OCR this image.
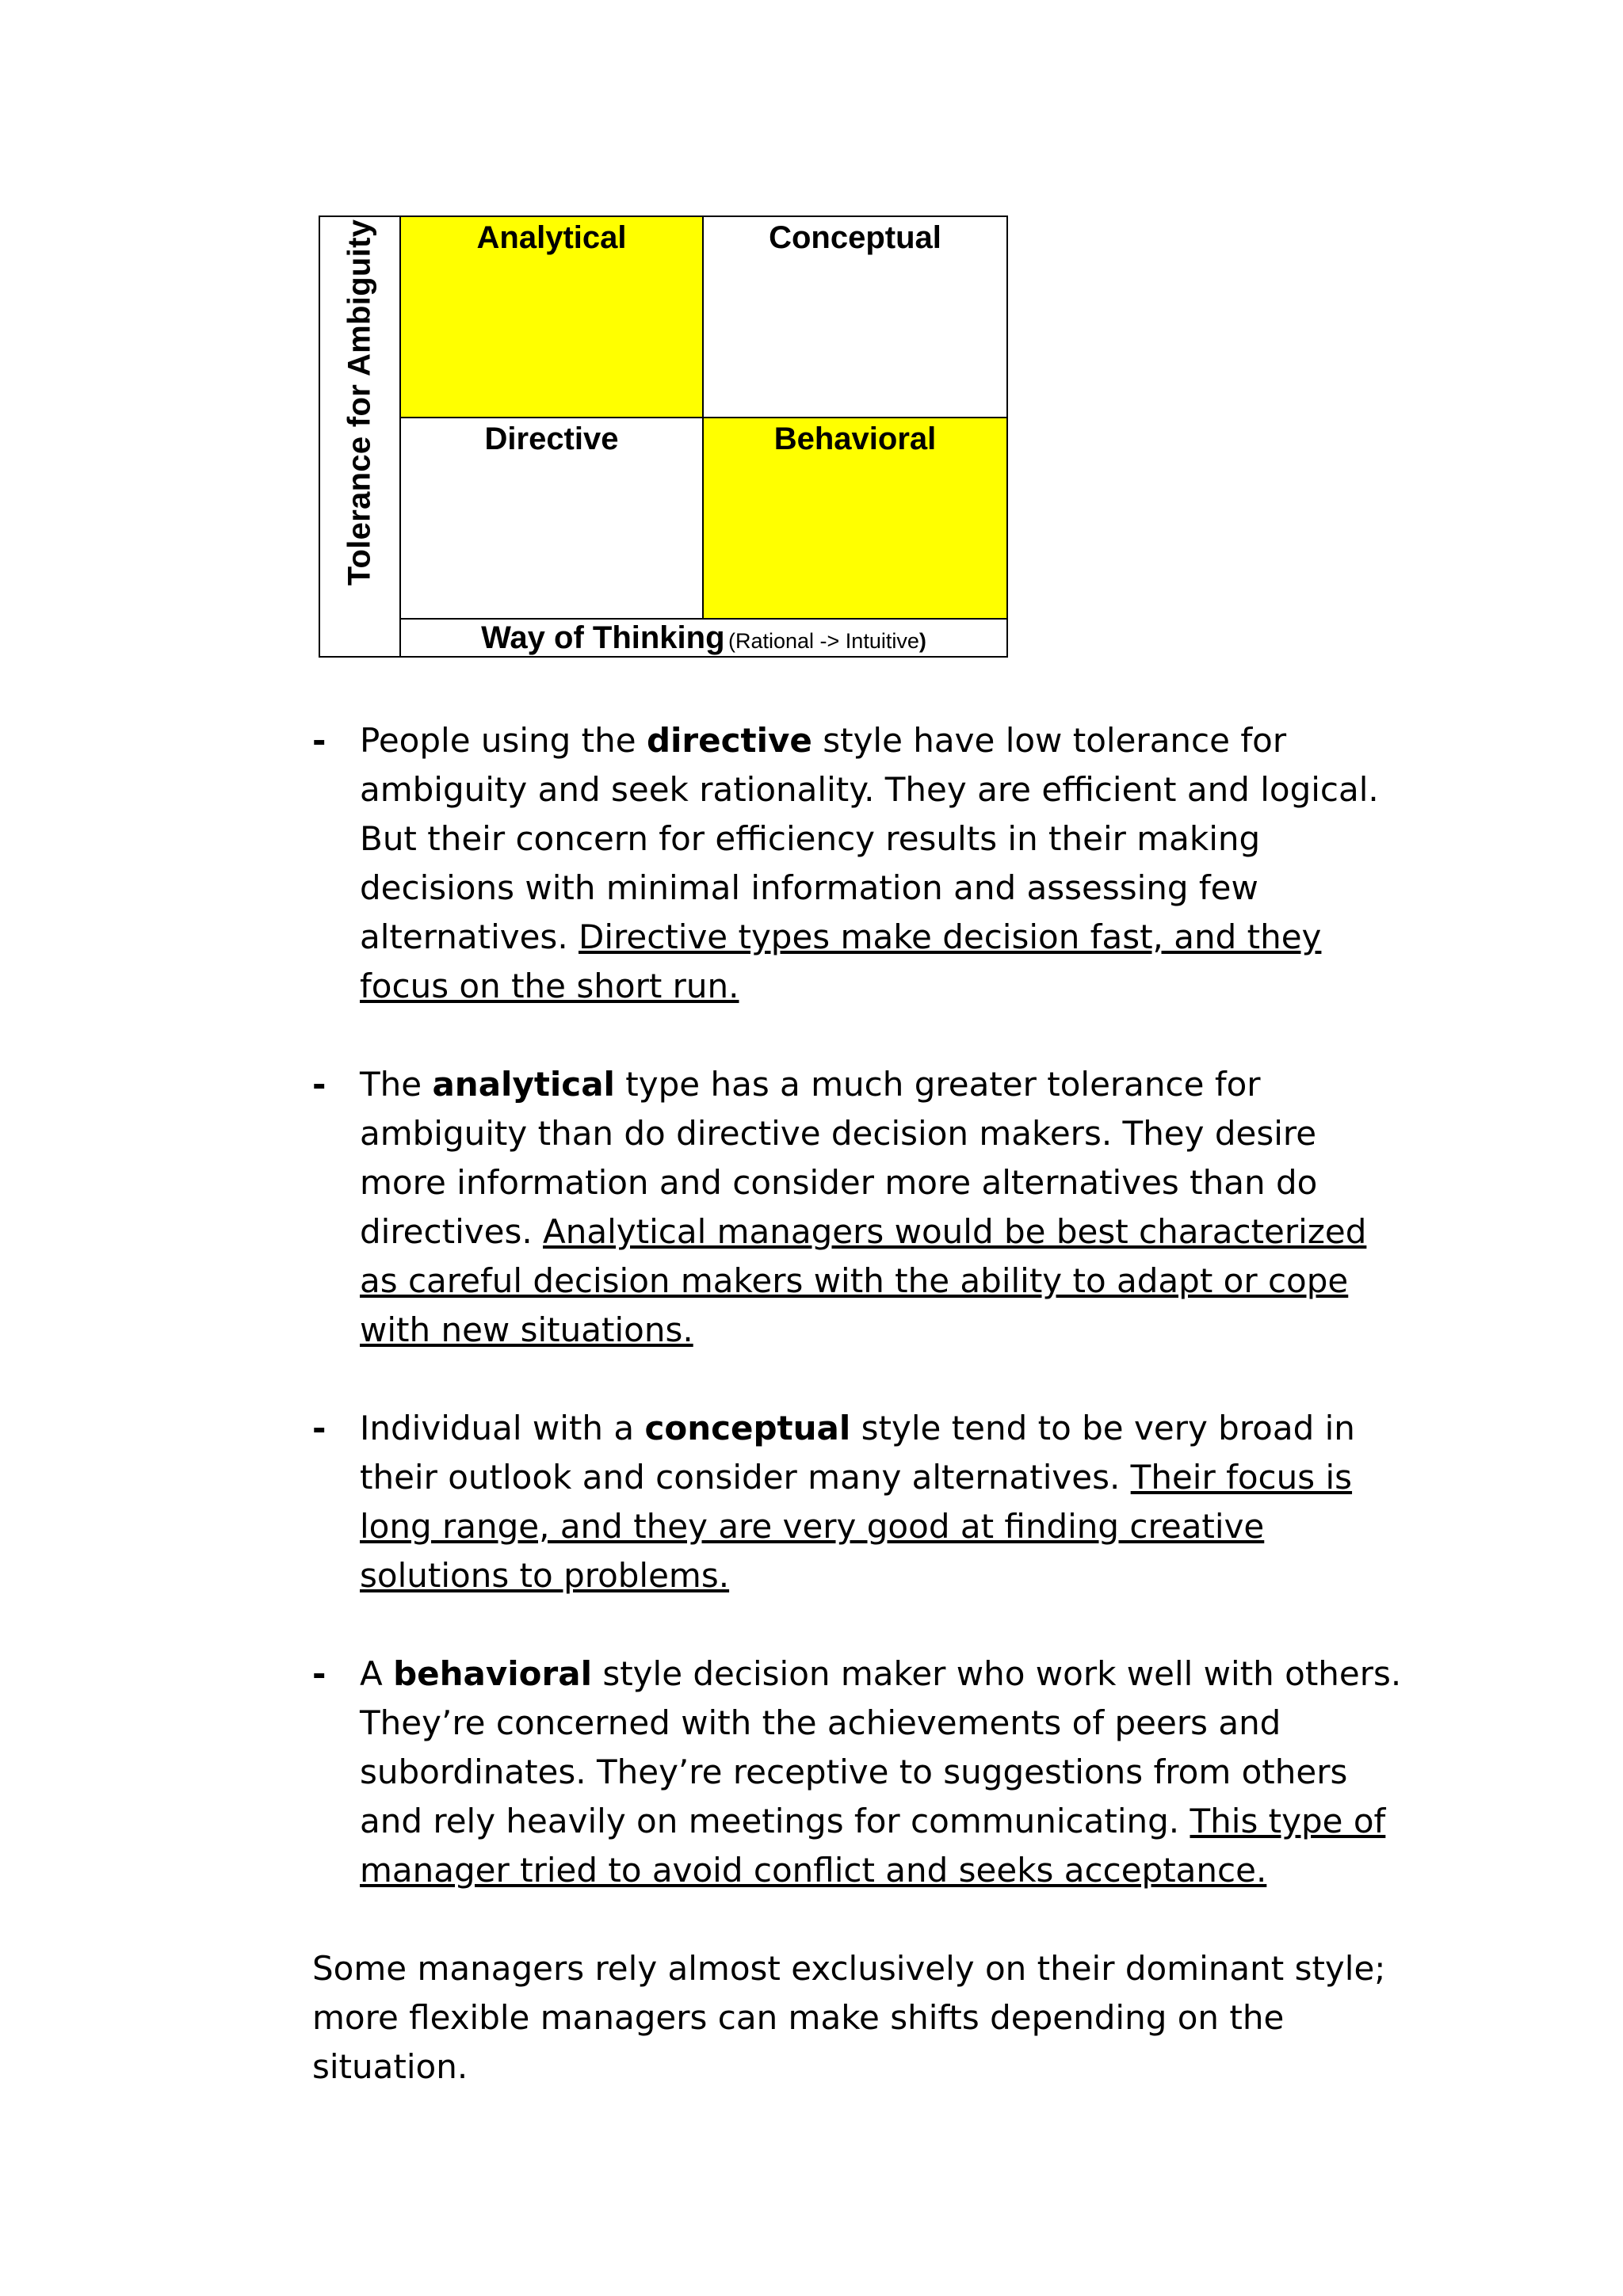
Tolerance for Ambiguity	Analytical	Conceptual
Directive	Behavioral
Way of Thinking (Rational -> Intuitive)
- People using the directive style have low tolerance for ambiguity and seek rationality. They are efficient and logical. But their concern for efficiency results in their making decisions with minimal information and assessing few alternatives. Directive types make decision fast, and they focus on the short run.
- The analytical type has a much greater tolerance for ambiguity than do directive decision makers. They desire more information and consider more alternatives than do directives. Analytical managers would be best characterized as careful decision makers with the ability to adapt or cope with new situations.
- Individual with a conceptual style tend to be very broad in their outlook and consider many alternatives. Their focus is long range, and they are very good at finding creative solutions to problems.
- A behavioral style decision maker who work well with others. They’re concerned with the achievements of peers and subordinates. They’re receptive to suggestions from others and rely heavily on meetings for communicating. This type of manager tried to avoid conflict and seeks acceptance.

Some managers rely almost exclusively on their dominant style; more flexible managers can make shifts depending on the situation.
